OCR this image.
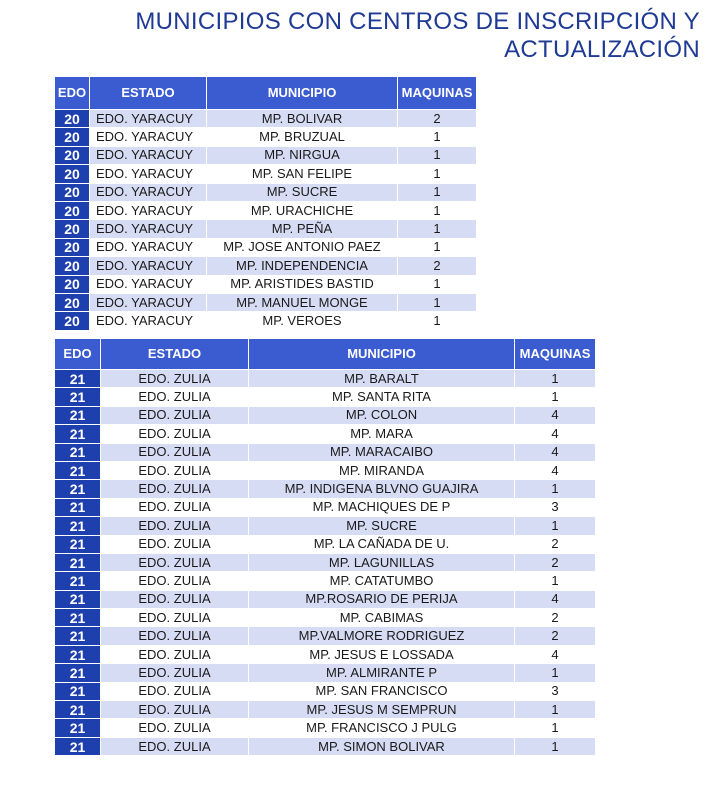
MUNICIPIOS CON CENTROS DE INSCRIPCIÓN Y
ACTUALIZACIÓN
EDO	ESTADO	MUNICIPIO	MAQUINAS
20	EDO. YARACUY	MP. BOLIVAR	2
20	EDO. YARACUY	MP. BRUZUAL	1
20	EDO. YARACUY	MP. NIRGUA	1
20	EDO. YARACUY	MP. SAN FELIPE	1
20	EDO. YARACUY	MP. SUCRE	1
20	EDO. YARACUY	MP. URACHICHE	1
20	EDO. YARACUY	MP. PEÑA	1
20	EDO. YARACUY	MP. JOSE ANTONIO PAEZ	1
20	EDO. YARACUY	MP. INDEPENDENCIA	2
20	EDO. YARACUY	MP. ARISTIDES BASTID	1
20	EDO. YARACUY	MP. MANUEL MONGE	1
20	EDO. YARACUY	MP. VEROES	1
EDO	ESTADO	MUNICIPIO	MAQUINAS
21	EDO. ZULIA	MP. BARALT	1
21	EDO. ZULIA	MP. SANTA RITA	1
21	EDO. ZULIA	MP. COLON	4
21	EDO. ZULIA	MP. MARA	4
21	EDO. ZULIA	MP. MARACAIBO	4
21	EDO. ZULIA	MP. MIRANDA	4
21	EDO. ZULIA	MP. INDIGENA BLVNO GUAJIRA	1
21	EDO. ZULIA	MP. MACHIQUES DE P	3
21	EDO. ZULIA	MP. SUCRE	1
21	EDO. ZULIA	MP. LA CAÑADA DE U.	2
21	EDO. ZULIA	MP. LAGUNILLAS	2
21	EDO. ZULIA	MP. CATATUMBO	1
21	EDO. ZULIA	MP.ROSARIO DE PERIJA	4
21	EDO. ZULIA	MP. CABIMAS	2
21	EDO. ZULIA	MP.VALMORE RODRIGUEZ	2
21	EDO. ZULIA	MP. JESUS E LOSSADA	4
21	EDO. ZULIA	MP. ALMIRANTE P	1
21	EDO. ZULIA	MP. SAN FRANCISCO	3
21	EDO. ZULIA	MP. JESUS M SEMPRUN	1
21	EDO. ZULIA	MP. FRANCISCO J PULG	1
21	EDO. ZULIA	MP. SIMON BOLIVAR	1
